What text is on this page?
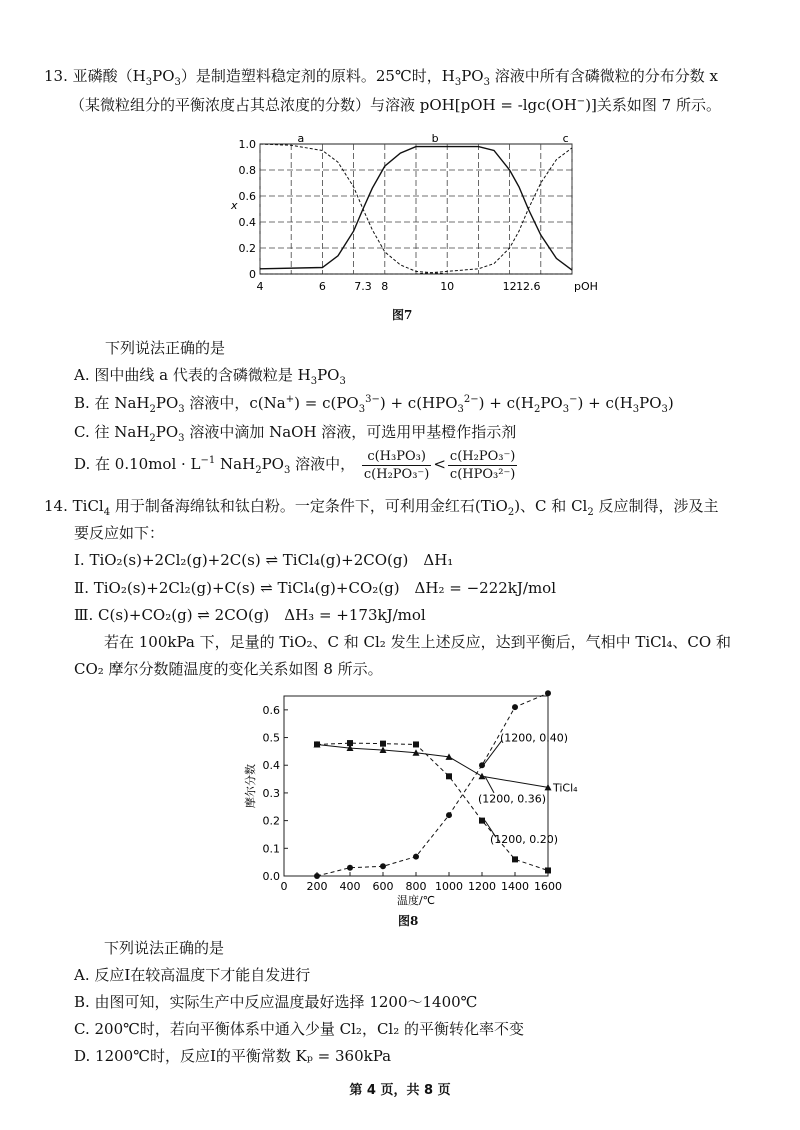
13. 亚磷酸$(H_3PO_3)$是制造塑料稳定剂的原料。25℃时，$H_3PO_3$ 溶液中所有含磷微粒的分布分数 x
（某微粒组分的平衡浓度占其总浓度的分数）与溶液 pOH[pOH = -lgc(OH−)]关系如图 7 所示。
0
0.2
0.4
0.6
0.8
1.0
4	6	7.3 8	10	12 12.6	pOH
x
a	b	c
图7
下列说法正确的是
A. 图中曲线 a 代表的含磷微粒是 $H_3PO_3$
B. 在 $NaH_2PO_3$ 溶液中，$c(Na^+) = c(PO_3^{3-}) + c(HPO_3^{2-}) + c(H_2PO_3^-) + c(H_3PO_3)$
C. 往 $NaH_2PO_3$ 溶液中滴加 NaOH 溶液，可选用甲基橙作指示剂
D. 在 $0.10mol \cdot L^{-1}$ $NaH_2PO_3$ 溶液中， $\frac{\text{c(H₃PO₃)}}{\text{c(H₂PO₃⁻)}} < \frac{\text{c(H₂PO₃⁻)}}{\text{c(HPO₃²⁻)}}$
14. TiCl$_4$ 用于制备海绵钛和钛白粉。一定条件下，可利用金红石(TiO$_2$)、C 和 $Cl_2$ 反应制得，涉及主
要反应如下：
Ⅰ. TiO₂(s)+2Cl₂(g)+2C(s) ⇌ TiCl₄(g)+2CO(g)　ΔH₁
Ⅱ. TiO₂(s)+2Cl₂(g)+C(s) ⇌ TiCl₄(g)+CO₂(g)　ΔH₂ = −222kJ/mol
Ⅲ. C(s)+CO₂(g) ⇌ 2CO(g)　ΔH₃ = +173kJ/mol
若在 100kPa 下，足量的 TiO₂、C 和 Cl₂ 发生上述反应，达到平衡后，气相中 TiCl₄、CO 和
CO₂ 摩尔分数随温度的变化关系如图 8 所示。
0.0
0.1
0.2
0.3
0.4
0.5
0.6
0 200 400 600 800 1000 1200 1400 1600
温度/℃
摩尔分数	TiCl₄
(1200, 0.40)
(1200, 0.36)
(1200, 0.20)
图8
下列说法正确的是
A. 反应Ⅰ在较高温度下才能自发进行
B. 由图可知，实际生产中反应温度最好选择 1200～1400℃
C. 200℃时，若向平衡体系中通入少量 Cl₂，Cl₂ 的平衡转化率不变
D. 1200℃时，反应Ⅰ的平衡常数 Kₚ = 360kPa
第 4 页，共 8 页
